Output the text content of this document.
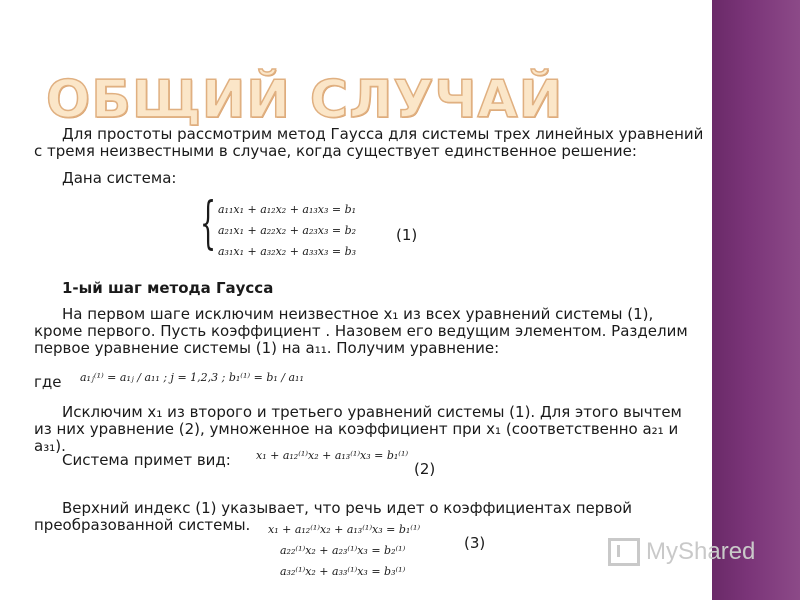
ОБЩИЙ СЛУЧАЙ
Для простоты рассмотрим метод Гаусса для системы трех линейных уравнений с тремя неизвестными в случае, когда существует единственное решение:
Дана система:
{ a₁₁x₁ + a₁₂x₂ + a₁₃x₃ = b₁
a₂₁x₁ + a₂₂x₂ + a₂₃x₃ = b₂
a₃₁x₁ + a₃₂x₂ + a₃₃x₃ = b₃
(1)
1-ый шаг метода Гаусса
На первом шаге исключим неизвестное x₁ из всех уравнений системы (1), кроме первого. Пусть коэффициент . Назовем его ведущим элементом. Разделим первое уравнение системы (1) на a₁₁. Получим уравнение:
где a₁ⱼ⁽¹⁾ = a₁ⱼ / a₁₁ ; j = 1,2,3 ; b₁⁽¹⁾ = b₁ / a₁₁
Исключим x₁ из второго и третьего уравнений системы (1). Для этого вычтем из них уравнение (2), умноженное на коэффициент при x₁ (соответственно a₂₁ и a₃₁).
Система примет вид: x₁ + a₁₂⁽¹⁾x₂ + a₁₃⁽¹⁾x₃ = b₁⁽¹⁾
(2)
Верхний индекс (1) указывает, что речь идет о коэффициентах первой преобразованной системы.	x₁ + a₁₂⁽¹⁾x₂ + a₁₃⁽¹⁾x₃ = b₁⁽¹⁾
a₂₂⁽¹⁾x₂ + a₂₃⁽¹⁾x₃ = b₂⁽¹⁾
a₃₂⁽¹⁾x₂ + a₃₃⁽¹⁾x₃ = b₃⁽¹⁾
(3)	MyShared
